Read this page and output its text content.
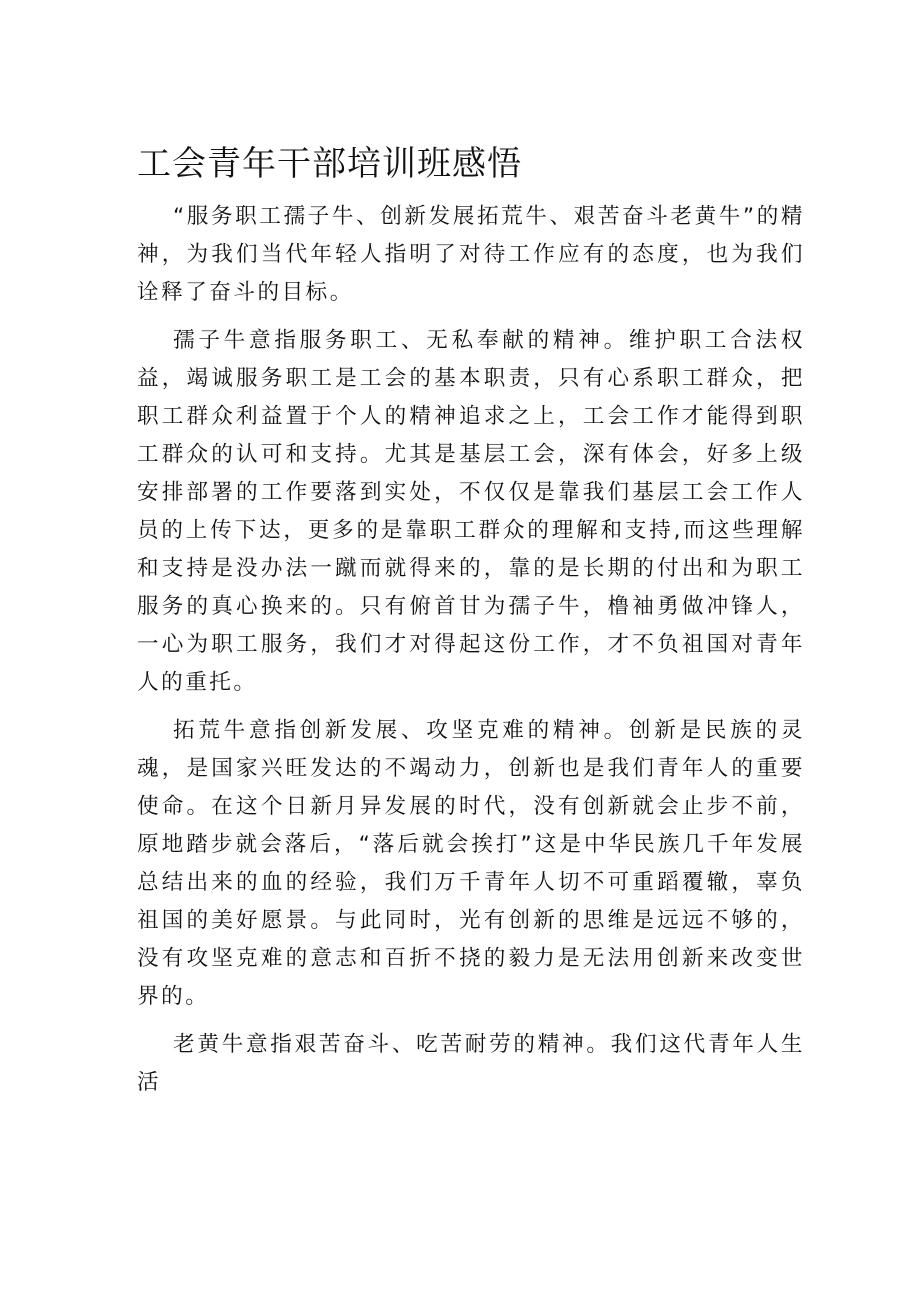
工会青年干部培训班感悟

“服务职工孺子牛、创新发展拓荒牛、艰苦奋斗老黄牛”的精神，为我们当代年轻人指明了对待工作应有的态度，也为我们诠释了奋斗的目标。

孺子牛意指服务职工、无私奉献的精神。维护职工合法权益，竭诚服务职工是工会的基本职责，只有心系职工群众，把职工群众利益置于个人的精神追求之上，工会工作才能得到职工群众的认可和支持。尤其是基层工会，深有体会，好多上级安排部署的工作要落到实处，不仅仅是靠我们基层工会工作人员的上传下达，更多的是靠职工群众的理解和支持,而这些理解和支持是没办法一蹴而就得来的，靠的是长期的付出和为职工服务的真心换来的。只有俯首甘为孺子牛，橹袖勇做冲锋人，一心为职工服务，我们才对得起这份工作，才不负祖国对青年人的重托。

拓荒牛意指创新发展、攻坚克难的精神。创新是民族的灵魂，是国家兴旺发达的不竭动力，创新也是我们青年人的重要使命。在这个日新月异发展的时代，没有创新就会止步不前，原地踏步就会落后，“落后就会挨打”这是中华民族几千年发展总结出来的血的经验，我们万千青年人切不可重蹈覆辙，辜负祖国的美好愿景。与此同时，光有创新的思维是远远不够的，没有攻坚克难的意志和百折不挠的毅力是无法用创新来改变世界的。

老黄牛意指艰苦奋斗、吃苦耐劳的精神。我们这代青年人生活
